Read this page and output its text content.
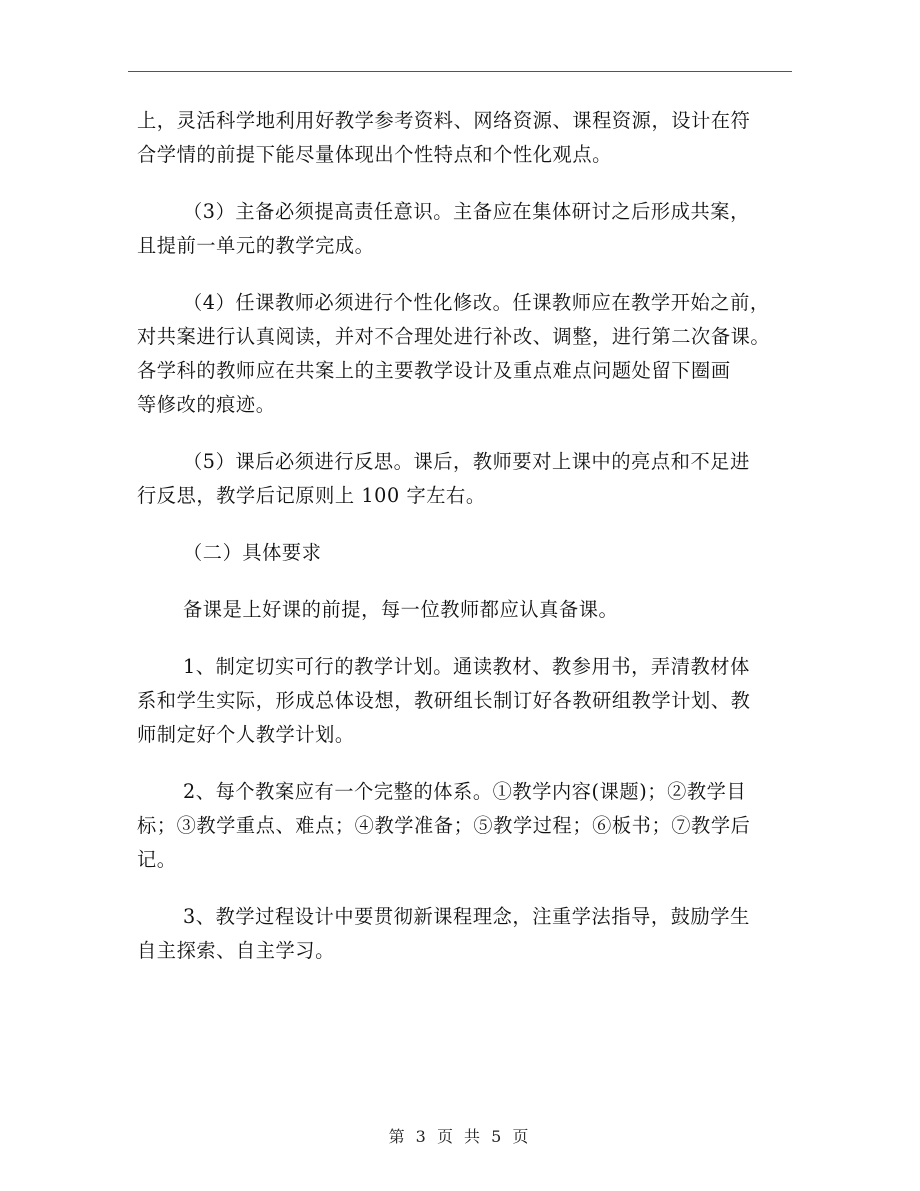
上，灵活科学地利用好教学参考资料、网络资源、课程资源，设计在符
合学情的前提下能尽量体现出个性特点和个性化观点。

（3）主备必须提高责任意识。主备应在集体研讨之后形成共案，
且提前一单元的教学完成。

（4）任课教师必须进行个性化修改。任课教师应在教学开始之前，
对共案进行认真阅读，并对不合理处进行补改、调整，进行第二次备课。
各学科的教师应在共案上的主要教学设计及重点难点问题处留下圈画
等修改的痕迹。

（5）课后必须进行反思。课后，教师要对上课中的亮点和不足进
行反思，教学后记原则上 100 字左右。

（二）具体要求

备课是上好课的前提，每一位教师都应认真备课。

1、制定切实可行的教学计划。通读教材、教参用书，弄清教材体
系和学生实际，形成总体设想，教研组长制订好各教研组教学计划、教
师制定好个人教学计划。

2、每个教案应有一个完整的体系。①教学内容(课题)；②教学目
标；③教学重点、难点；④教学准备；⑤教学过程；⑥板书；⑦教学后
记。

3、教学过程设计中要贯彻新课程理念，注重学法指导，鼓励学生
自主探索、自主学习。

第 3 页 共 5 页
